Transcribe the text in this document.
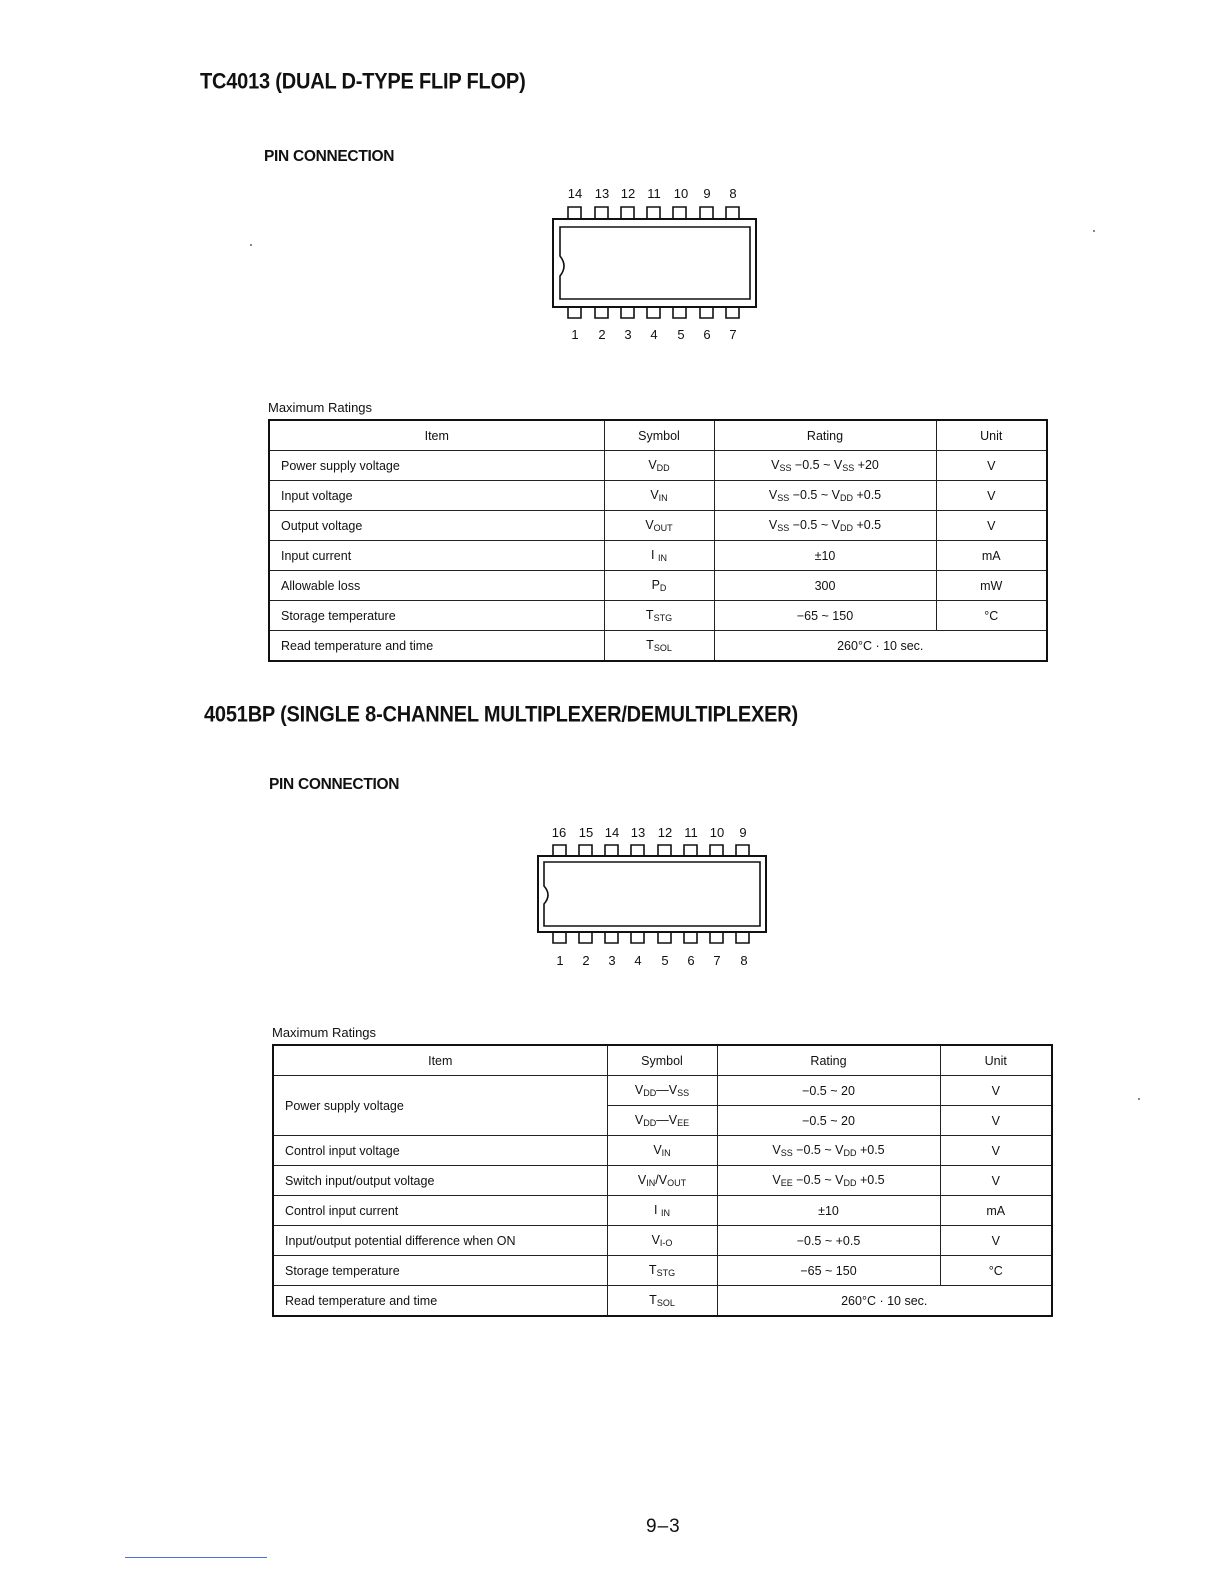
TC4013 (DUAL D-TYPE FLIP FLOP)
PIN CONNECTION
14 13 12 11 10	9	8
1	2	3	4	5	6	7
Maximum Ratings
Item	Symbol	Rating	Unit
Power supply voltage	$V_{DD}$	$V_{SS} -0.5$ ~ $V_{SS} +20$	V
Input voltage	$V_{IN}$	$V_{SS} -0.5$ ~ $V_{DD} +0.5$	V
Output voltage	$V_{OUT}$	$V_{SS} -0.5$ ~ $V_{DD} +0.5$	V
Input current	I $_{IN}$	±10	mA
Allowable loss	$P_D$	300	mW
Storage temperature	$T_{STG}$	−65 ~ 150	°C
Read temperature and time	$T_{SOL}$	260°C · 10 sec.	
4051BP (SINGLE 8-CHANNEL MULTIPLEXER/DEMULTIPLEXER)
PIN CONNECTION
16 15 14 13 12 11 10	9
1	2	3	4	5	6	7	8
Maximum Ratings
Item	Symbol	Rating	Unit
Power supply voltage	$V_{DD}—V_{SS}$	−0.5 ~ 20	V
	$V_{DD}—V_{EE}$	−0.5 ~ 20	V
Control input voltage	$V_{IN}$	$V_{SS} -0.5$ ~ $V_{DD} +0.5$	V
Switch input/output voltage	$V_{IN}/V_{OUT}$	$V_{EE} -0.5$ ~ $V_{DD} +0.5$	V
Control input current	I $_{IN}$	±10	mA
Input/output potential difference when ON	$V_{I-O}$	−0.5 ~ +0.5	V
Storage temperature	$T_{STG}$	−65 ~ 150	°C
Read temperature and time	$T_{SOL}$	260°C · 10 sec.	
9–3
